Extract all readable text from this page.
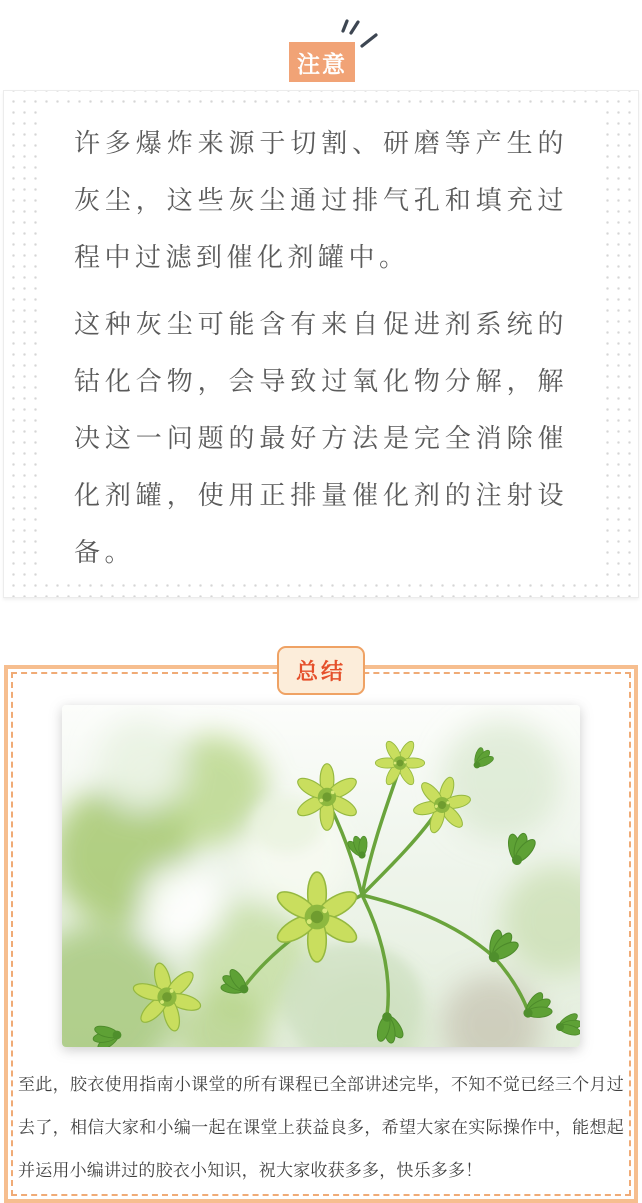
注意

许多爆炸来源于切割、研磨等产生的灰尘，这些灰尘通过排气孔和填充过程中过滤到催化剂罐中。

这种灰尘可能含有来自促进剂系统的钴化合物，会导致过氧化物分解，解决这一问题的最好方法是完全消除催化剂罐，使用正排量催化剂的注射设备。

总结

至此，胶衣使用指南小课堂的所有课程已全部讲述完毕，不知不觉已经三个月过去了，相信大家和小编一起在课堂上获益良多，希望大家在实际操作中，能想起并运用小编讲过的胶衣小知识，祝大家收获多多，快乐多多！
